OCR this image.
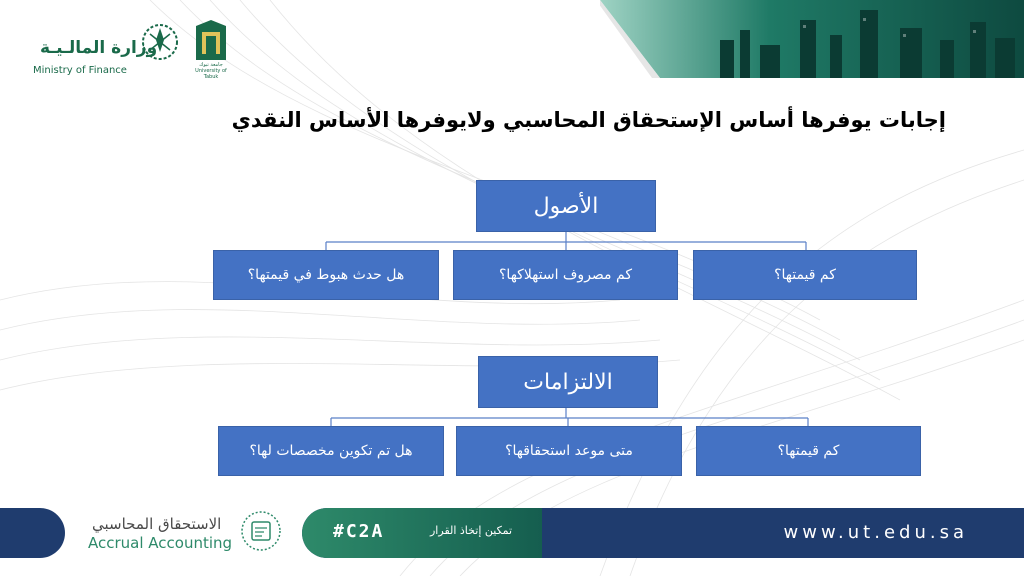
وزارة المالـيـة
Ministry of Finance	جامعة تبوك University of Tabuk
إجابات يوفرها أساس الإستحقاق المحاسبي ولايوفرها الأساس النقدي
الأصول
كم قيمتها؟
كم مصروف استهلاكها؟
هل حدث هبوط في قيمتها؟
الالتزامات
كم قيمتها؟
متى موعد استحقاقها؟
هل تم تكوين مخصصات لها؟
الاستحقاق المحاسبي
Accrual Accounting
#C2A	تمكين إتخاذ القرار	www.ut.edu.sa
